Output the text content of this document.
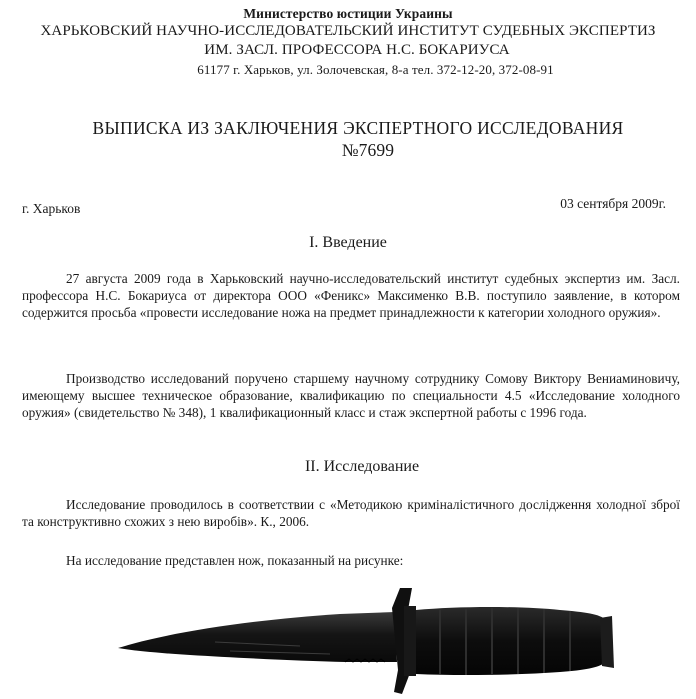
Министерство юстиции Украины
ХАРЬКОВСКИЙ НАУЧНО-ИССЛЕДОВАТЕЛЬСКИЙ ИНСТИТУТ СУДЕБНЫХ ЭКСПЕРТИЗ
ИМ. ЗАСЛ. ПРОФЕССОРА Н.С. БОКАРИУСА
61177 г. Харьков, ул. Золочевская, 8-а тел. 372-12-20, 372-08-91
ВЫПИСКА ИЗ ЗАКЛЮЧЕНИЯ ЭКСПЕРТНОГО ИССЛЕДОВАНИЯ
№7699
г. Харьков	03 сентября 2009г.
I. Введение
27 августа 2009 года в Харьковский научно-исследовательский институт судебных экспертиз им. Засл. профессора Н.С. Бокариуса от директора ООО «Феникс» Максименко В.В. поступило заявление, в котором содержится просьба «провести исследование ножа на предмет принадлежности к категории холодного оружия».
Производство исследований поручено старшему научному сотруднику Сомову Виктору Вениаминовичу, имеющему высшее техническое образование, квалификацию по специальности 4.5 «Исследование холодного оружия» (свидетельство № 348), 1 квалификационный класс и стаж экспертной работы с 1996 года.
II. Исследование
Исследование проводилось в соответствии с «Методикою криміналістичного дослідження холодної зброї та конструктивно схожих з нею виробів». К., 2006.
На исследование представлен нож, показанный на рисунке:
